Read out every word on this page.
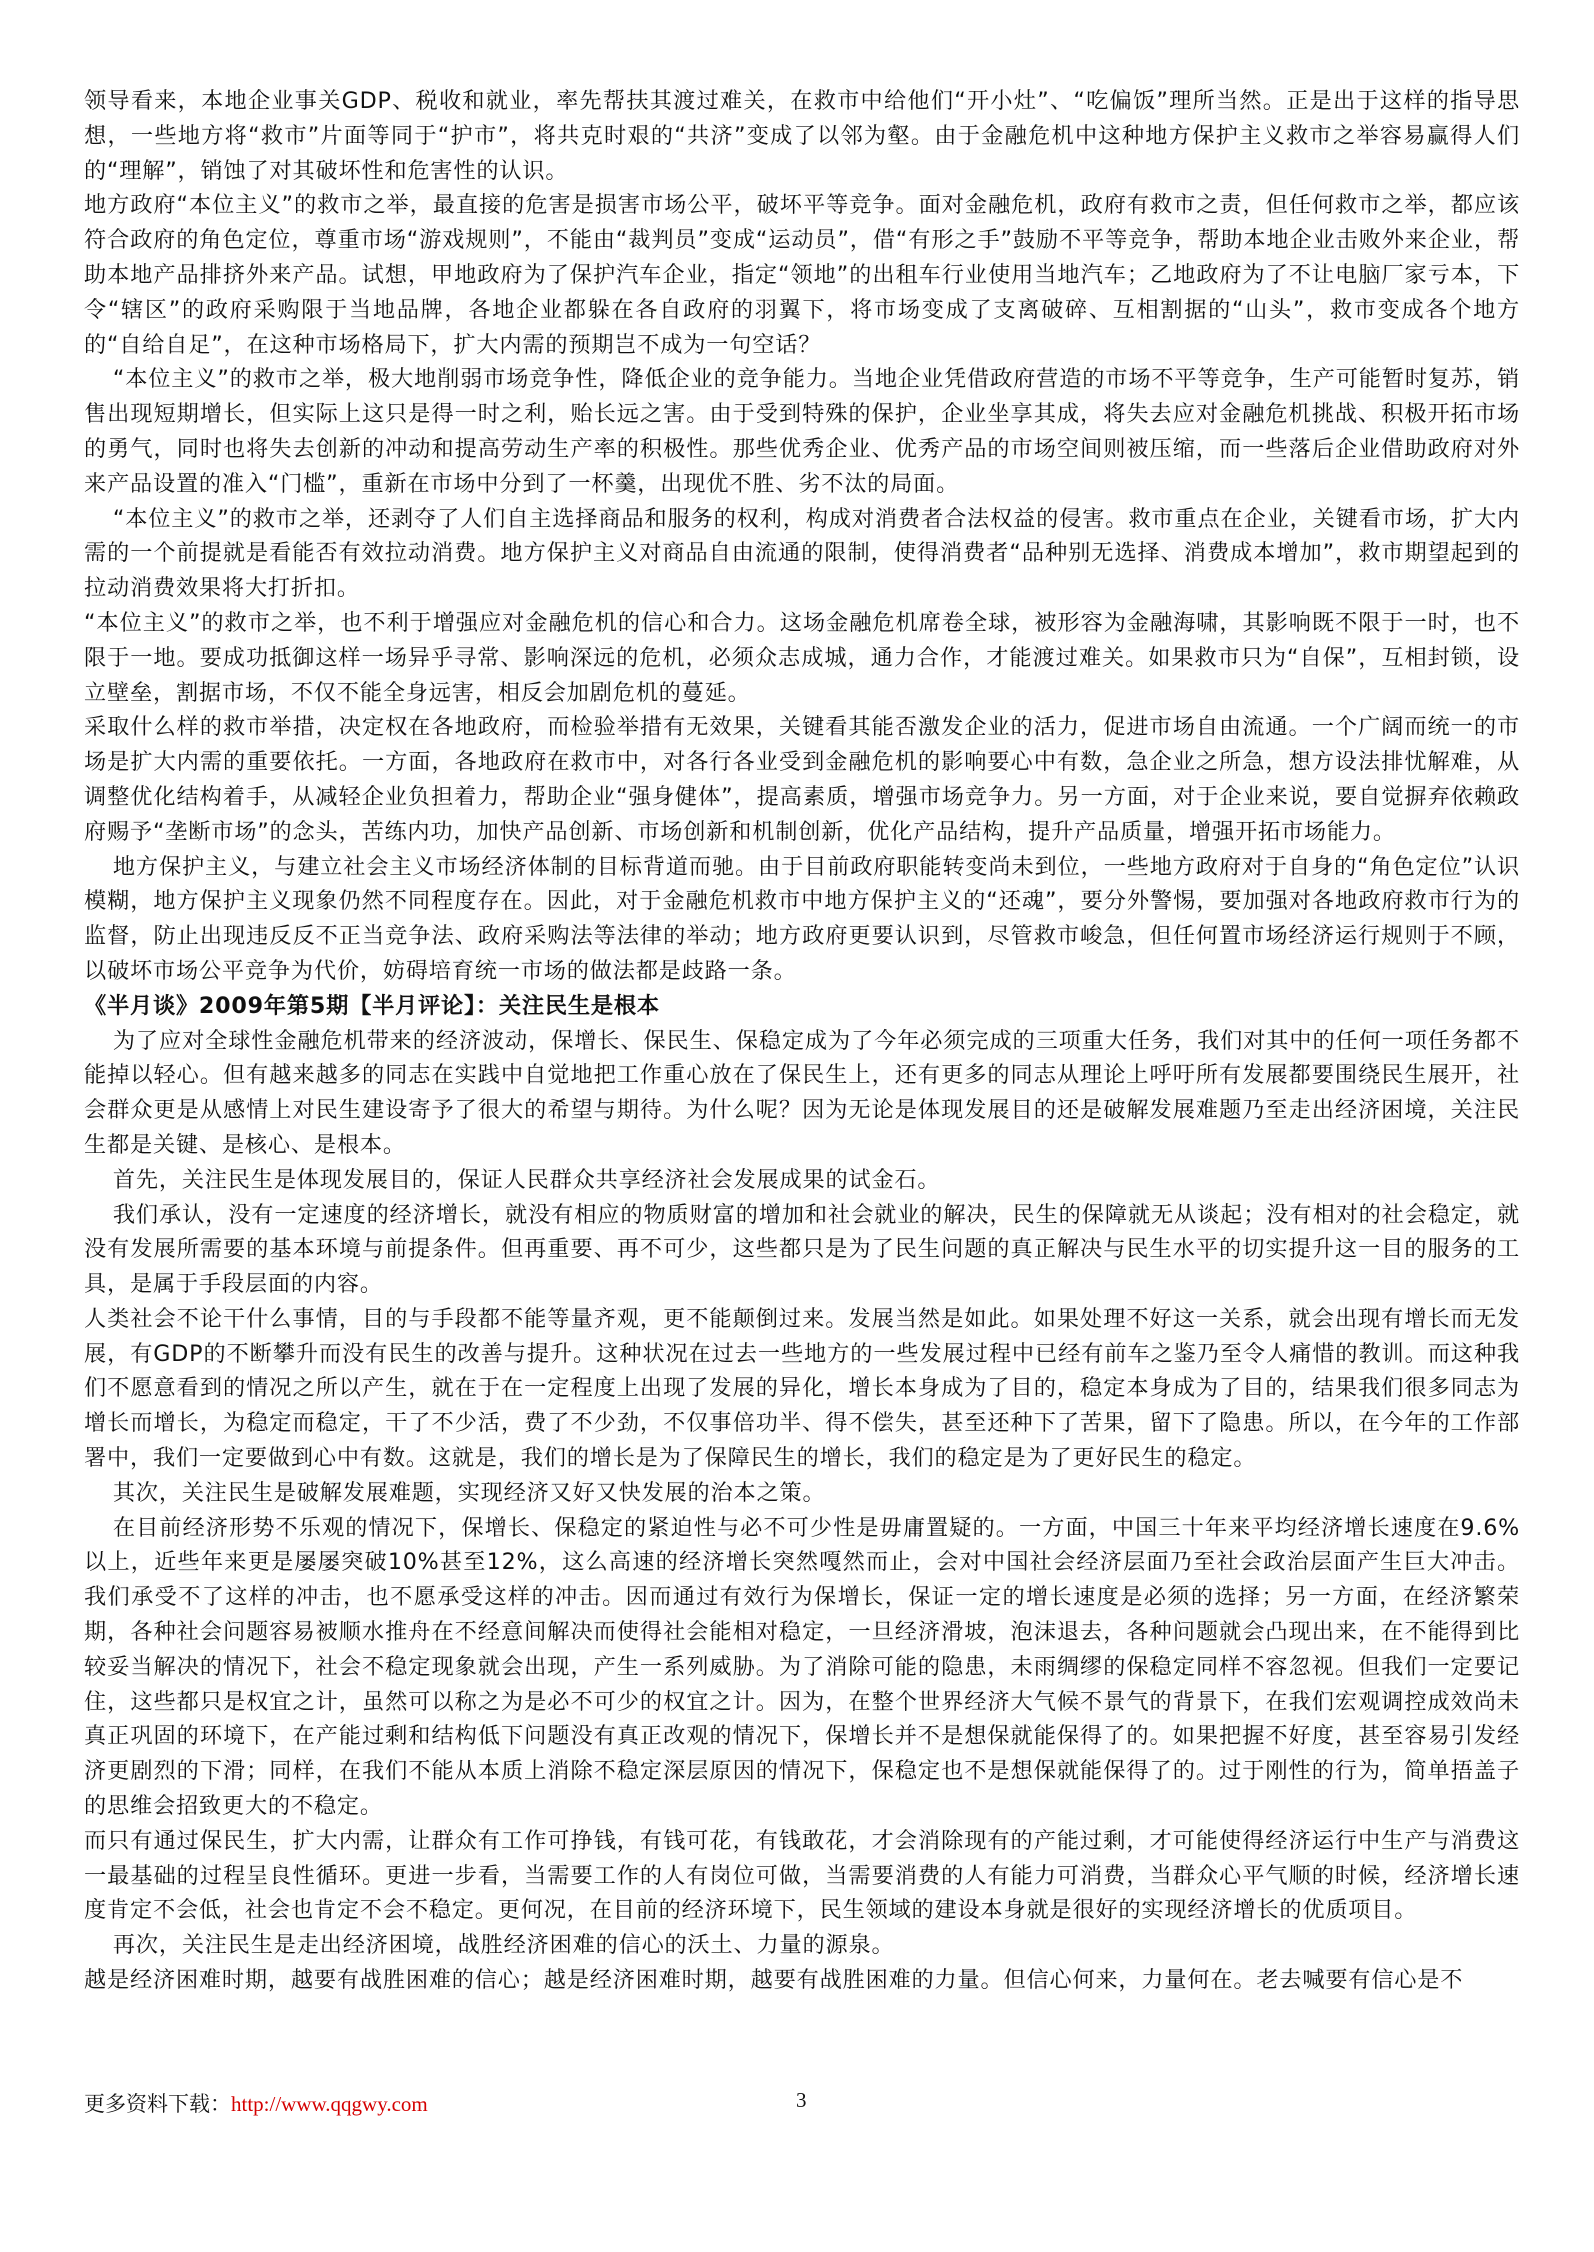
领导看来，本地企业事关GDP、税收和就业，率先帮扶其渡过难关，在救市中给他们“开小灶”、“吃偏饭”理所当然。正是出于这样的指导思想，一些地方将“救市”片面等同于“护市”，将共克时艰的“共济”变成了以邻为壑。由于金融危机中这种地方保护主义救市之举容易赢得人们的“理解”，销蚀了对其破坏性和危害性的认识。

地方政府“本位主义”的救市之举，最直接的危害是损害市场公平，破坏平等竞争。面对金融危机，政府有救市之责，但任何救市之举，都应该符合政府的角色定位，尊重市场“游戏规则”，不能由“裁判员”变成“运动员”，借“有形之手”鼓励不平等竞争，帮助本地企业击败外来企业，帮助本地产品排挤外来产品。试想，甲地政府为了保护汽车企业，指定“领地”的出租车行业使用当地汽车；乙地政府为了不让电脑厂家亏本，下令“辖区”的政府采购限于当地品牌，各地企业都躲在各自政府的羽翼下，将市场变成了支离破碎、互相割据的“山头”，救市变成各个地方的“自给自足”，在这种市场格局下，扩大内需的预期岂不成为一句空话？

“本位主义”的救市之举，极大地削弱市场竞争性，降低企业的竞争能力。当地企业凭借政府营造的市场不平等竞争，生产可能暂时复苏，销售出现短期增长，但实际上这只是得一时之利，贻长远之害。由于受到特殊的保护，企业坐享其成，将失去应对金融危机挑战、积极开拓市场的勇气，同时也将失去创新的冲动和提高劳动生产率的积极性。那些优秀企业、优秀产品的市场空间则被压缩，而一些落后企业借助政府对外来产品设置的准入“门槛”，重新在市场中分到了一杯羹，出现优不胜、劣不汰的局面。

“本位主义”的救市之举，还剥夺了人们自主选择商品和服务的权利，构成对消费者合法权益的侵害。救市重点在企业，关键看市场，扩大内需的一个前提就是看能否有效拉动消费。地方保护主义对商品自由流通的限制，使得消费者“品种别无选择、消费成本增加”，救市期望起到的拉动消费效果将大打折扣。

“本位主义”的救市之举，也不利于增强应对金融危机的信心和合力。这场金融危机席卷全球，被形容为金融海啸，其影响既不限于一时，也不限于一地。要成功抵御这样一场异乎寻常、影响深远的危机，必须众志成城，通力合作，才能渡过难关。如果救市只为“自保”，互相封锁，设立壁垒，割据市场，不仅不能全身远害，相反会加剧危机的蔓延。

采取什么样的救市举措，决定权在各地政府，而检验举措有无效果，关键看其能否激发企业的活力，促进市场自由流通。一个广阔而统一的市场是扩大内需的重要依托。一方面，各地政府在救市中，对各行各业受到金融危机的影响要心中有数，急企业之所急，想方设法排忧解难，从调整优化结构着手，从减轻企业负担着力，帮助企业“强身健体”，提高素质，增强市场竞争力。另一方面，对于企业来说，要自觉摒弃依赖政府赐予“垄断市场”的念头，苦练内功，加快产品创新、市场创新和机制创新，优化产品结构，提升产品质量，增强开拓市场能力。

地方保护主义，与建立社会主义市场经济体制的目标背道而驰。由于目前政府职能转变尚未到位，一些地方政府对于自身的“角色定位”认识模糊，地方保护主义现象仍然不同程度存在。因此，对于金融危机救市中地方保护主义的“还魂”，要分外警惕，要加强对各地政府救市行为的监督，防止出现违反反不正当竞争法、政府采购法等法律的举动；地方政府更要认识到，尽管救市峻急，但任何置市场经济运行规则于不顾，以破坏市场公平竞争为代价，妨碍培育统一市场的做法都是歧路一条。

《半月谈》2009年第5期【半月评论】：关注民生是根本

为了应对全球性金融危机带来的经济波动，保增长、保民生、保稳定成为了今年必须完成的三项重大任务，我们对其中的任何一项任务都不能掉以轻心。但有越来越多的同志在实践中自觉地把工作重心放在了保民生上，还有更多的同志从理论上呼吁所有发展都要围绕民生展开，社会群众更是从感情上对民生建设寄予了很大的希望与期待。为什么呢？因为无论是体现发展目的还是破解发展难题乃至走出经济困境，关注民生都是关键、是核心、是根本。

首先，关注民生是体现发展目的，保证人民群众共享经济社会发展成果的试金石。

我们承认，没有一定速度的经济增长，就没有相应的物质财富的增加和社会就业的解决，民生的保障就无从谈起；没有相对的社会稳定，就没有发展所需要的基本环境与前提条件。但再重要、再不可少，这些都只是为了民生问题的真正解决与民生水平的切实提升这一目的服务的工具，是属于手段层面的内容。

人类社会不论干什么事情，目的与手段都不能等量齐观，更不能颠倒过来。发展当然是如此。如果处理不好这一关系，就会出现有增长而无发展，有GDP的不断攀升而没有民生的改善与提升。这种状况在过去一些地方的一些发展过程中已经有前车之鉴乃至令人痛惜的教训。而这种我们不愿意看到的情况之所以产生，就在于在一定程度上出现了发展的异化，增长本身成为了目的，稳定本身成为了目的，结果我们很多同志为增长而增长，为稳定而稳定，干了不少活，费了不少劲，不仅事倍功半、得不偿失，甚至还种下了苦果，留下了隐患。所以，在今年的工作部署中，我们一定要做到心中有数。这就是，我们的增长是为了保障民生的增长，我们的稳定是为了更好民生的稳定。

其次，关注民生是破解发展难题，实现经济又好又快发展的治本之策。

在目前经济形势不乐观的情况下，保增长、保稳定的紧迫性与必不可少性是毋庸置疑的。一方面，中国三十年来平均经济增长速度在9.6%以上，近些年来更是屡屡突破10%甚至12%，这么高速的经济增长突然嘎然而止，会对中国社会经济层面乃至社会政治层面产生巨大冲击。我们承受不了这样的冲击，也不愿承受这样的冲击。因而通过有效行为保增长，保证一定的增长速度是必须的选择；另一方面，在经济繁荣期，各种社会问题容易被顺水推舟在不经意间解决而使得社会能相对稳定，一旦经济滑坡，泡沫退去，各种问题就会凸现出来，在不能得到比较妥当解决的情况下，社会不稳定现象就会出现，产生一系列威胁。为了消除可能的隐患，未雨绸缪的保稳定同样不容忽视。但我们一定要记住，这些都只是权宜之计，虽然可以称之为是必不可少的权宜之计。因为，在整个世界经济大气候不景气的背景下，在我们宏观调控成效尚未真正巩固的环境下，在产能过剩和结构低下问题没有真正改观的情况下，保增长并不是想保就能保得了的。如果把握不好度，甚至容易引发经济更剧烈的下滑；同样，在我们不能从本质上消除不稳定深层原因的情况下，保稳定也不是想保就能保得了的。过于刚性的行为，简单捂盖子的思维会招致更大的不稳定。

而只有通过保民生，扩大内需，让群众有工作可挣钱，有钱可花，有钱敢花，才会消除现有的产能过剩，才可能使得经济运行中生产与消费这一最基础的过程呈良性循环。更进一步看，当需要工作的人有岗位可做，当需要消费的人有能力可消费，当群众心平气顺的时候，经济增长速度肯定不会低，社会也肯定不会不稳定。更何况，在目前的经济环境下，民生领域的建设本身就是很好的实现经济增长的优质项目。

再次，关注民生是走出经济困境，战胜经济困难的信心的沃土、力量的源泉。

越是经济困难时期，越要有战胜困难的信心；越是经济困难时期，越要有战胜困难的力量。但信心何来，力量何在。老去喊要有信心是不

更多资料下载：http://www.qqgwy.com	3
